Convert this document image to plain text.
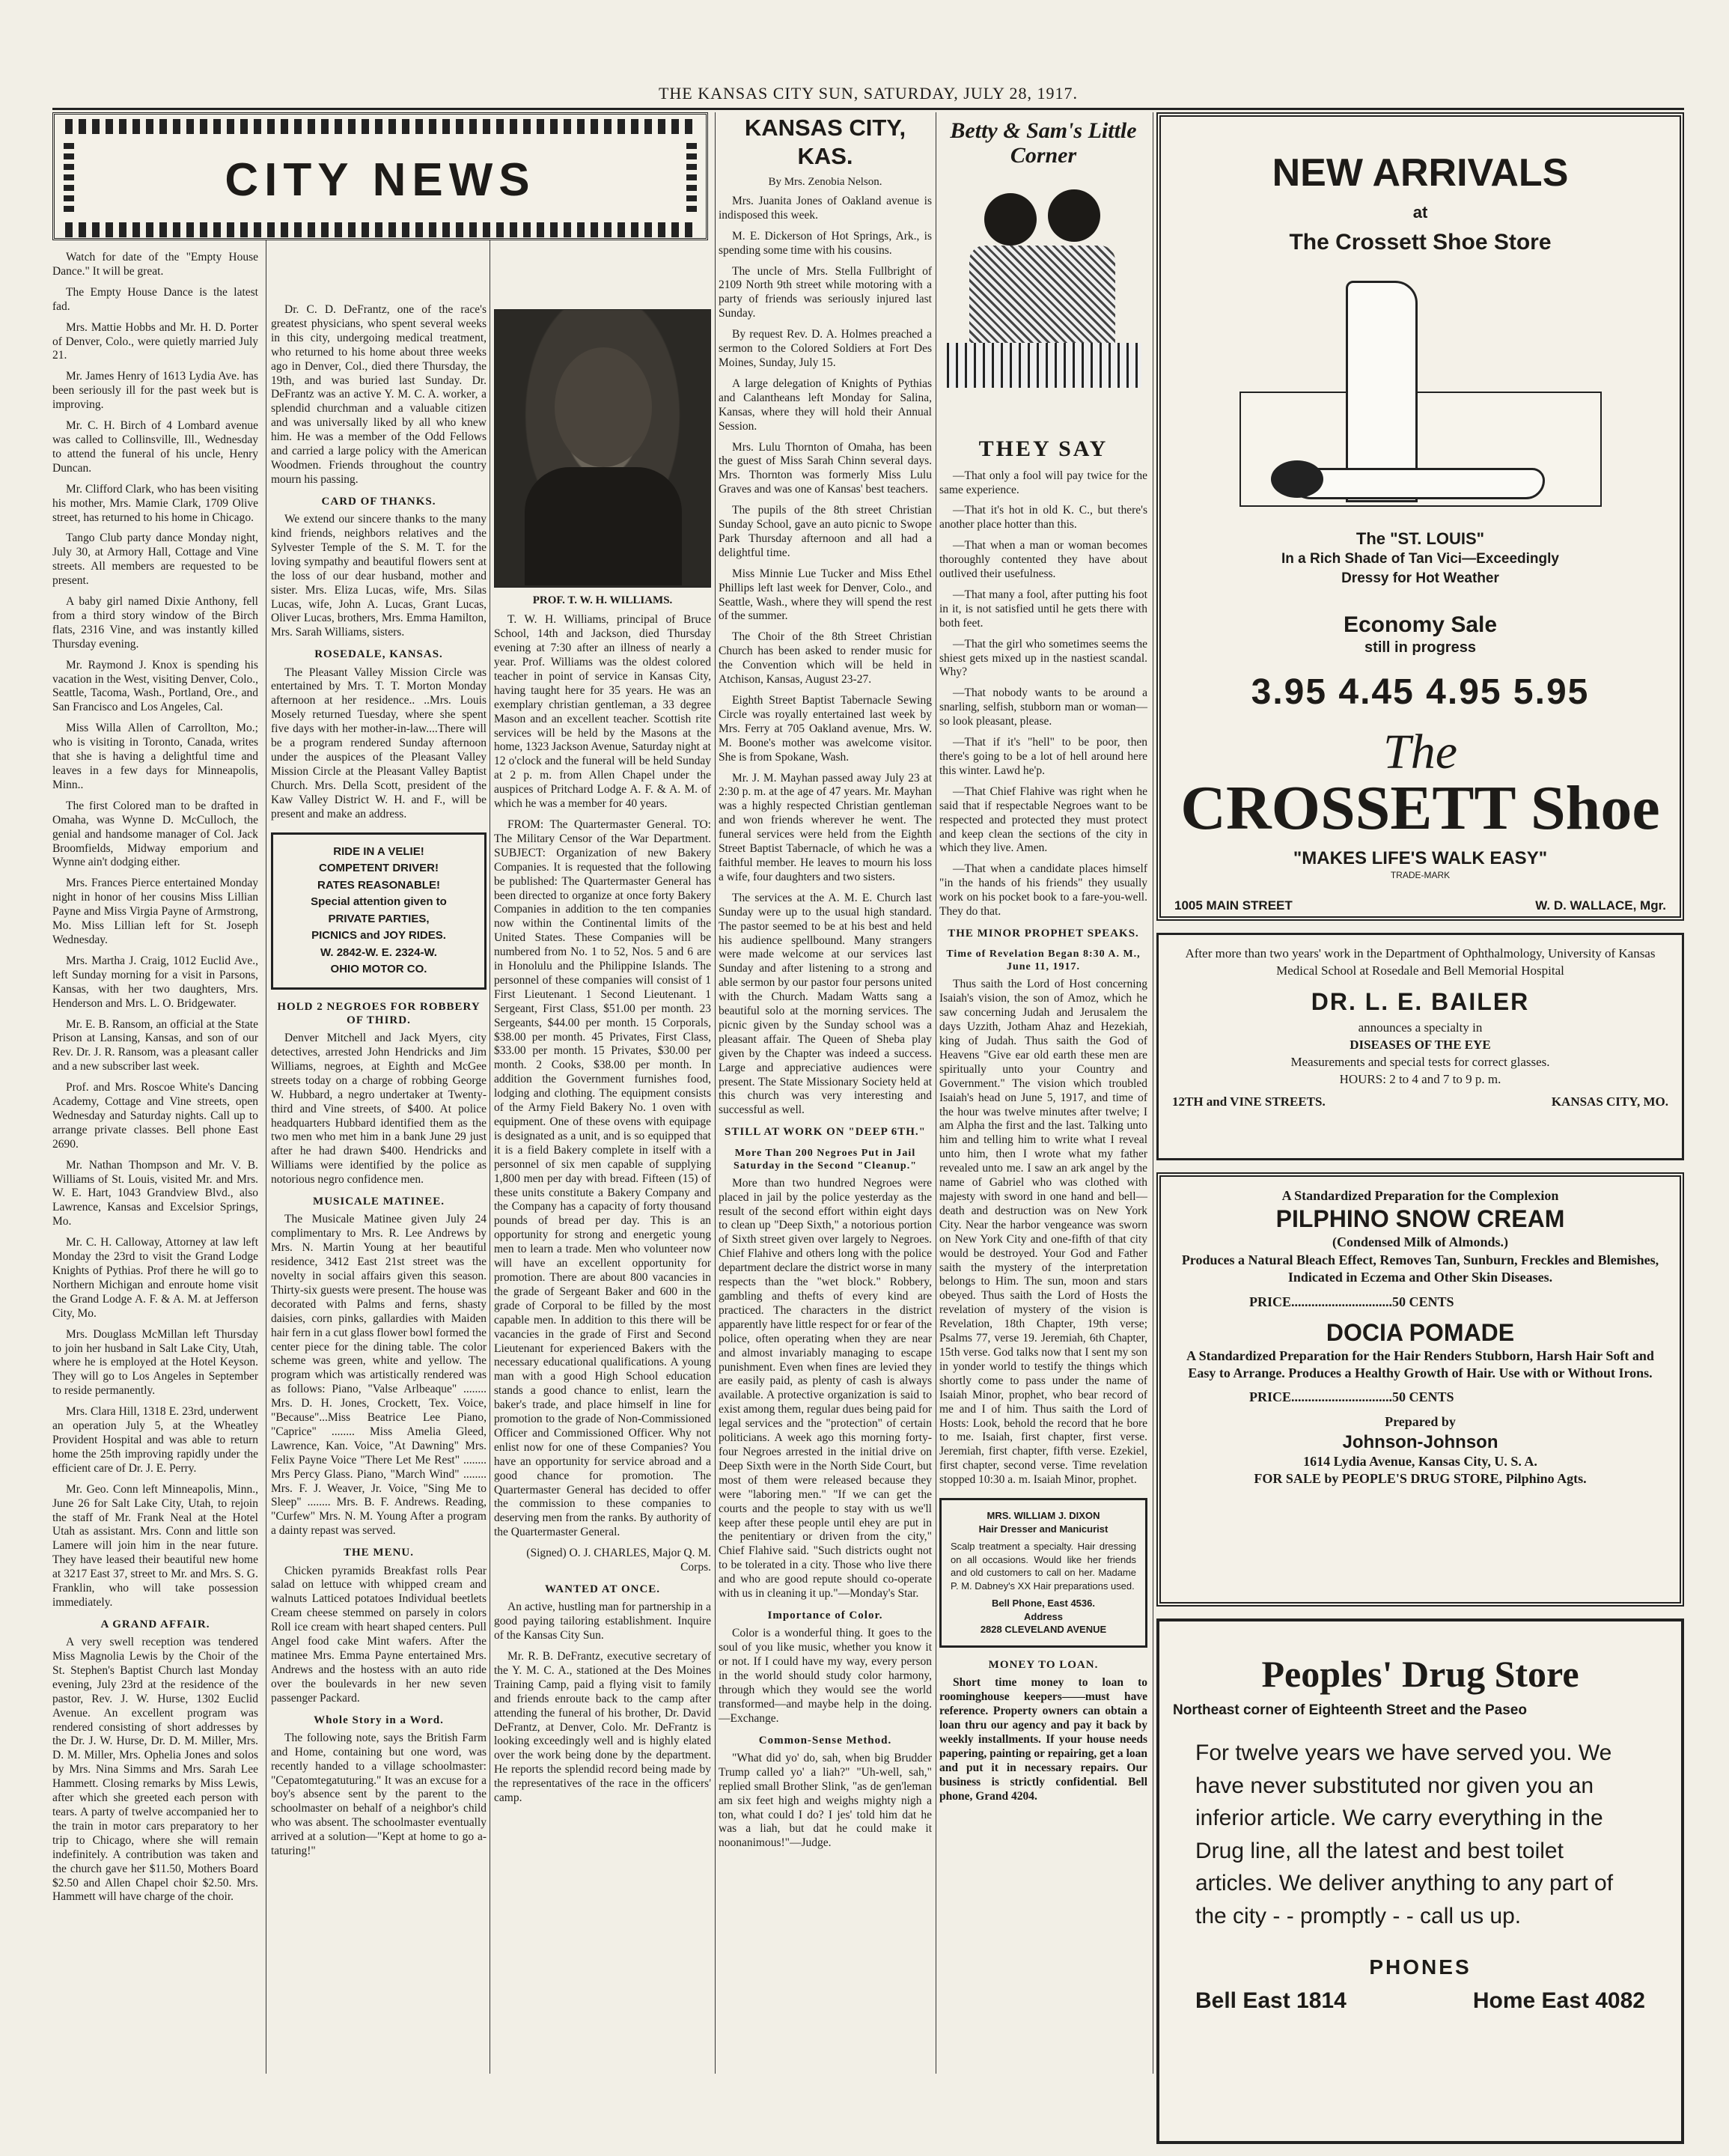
THE KANSAS CITY SUN, SATURDAY, JULY 28, 1917.
CITY NEWS

Watch for date of the "Empty House Dance." It will be great.

The Empty House Dance is the latest fad.

Mrs. Mattie Hobbs and Mr. H. D. Porter of Denver, Colo., were quietly married July 21.

Mr. James Henry of 1613 Lydia Ave. has been seriously ill for the past week but is improving.

Mr. C. H. Birch of 4 Lombard avenue was called to Collinsville, Ill., Wednesday to attend the funeral of his uncle, Henry Duncan.

Mr. Clifford Clark, who has been visiting his mother, Mrs. Mamie Clark, 1709 Olive street, has returned to his home in Chicago.

Tango Club party dance Monday night, July 30, at Armory Hall, Cottage and Vine streets. All members are requested to be present.

A baby girl named Dixie Anthony, fell from a third story window of the Birch flats, 2316 Vine, and was instantly killed Thursday evening.

Mr. Raymond J. Knox is spending his vacation in the West, visiting Denver, Colo., Seattle, Tacoma, Wash., Portland, Ore., and San Francisco and Los Angeles, Cal.

Miss Willa Allen of Carrollton, Mo.; who is visiting in Toronto, Canada, writes that she is having a delightful time and leaves in a few days for Minneapolis, Minn..

The first Colored man to be drafted in Omaha, was Wynne D. McCulloch, the genial and handsome manager of Col. Jack Broomfields, Midway emporium and Wynne ain't dodging either.

Mrs. Frances Pierce entertained Monday night in honor of her cousins Miss Lillian Payne and Miss Virgia Payne of Armstrong, Mo. Miss Lillian left for St. Joseph Wednesday.

Mrs. Martha J. Craig, 1012 Euclid Ave., left Sunday morning for a visit in Parsons, Kansas, with her two daughters, Mrs. Henderson and Mrs. L. O. Bridgewater.

Mr. E. B. Ransom, an official at the State Prison at Lansing, Kansas, and son of our Rev. Dr. J. R. Ransom, was a pleasant caller and a new subscriber last week.

Prof. and Mrs. Roscoe White's Dancing Academy, Cottage and Vine streets, open Wednesday and Saturday nights. Call up to arrange private classes. Bell phone East 2690.

Mr. Nathan Thompson and Mr. V. B. Williams of St. Louis, visited Mr. and Mrs. W. E. Hart, 1043 Grandview Blvd., also Lawrence, Kansas and Excelsior Springs, Mo.

Mr. C. H. Calloway, Attorney at law left Monday the 23rd to visit the Grand Lodge Knights of Pythias. Prof there he will go to Northern Michigan and enroute home visit the Grand Lodge A. F. & A. M. at Jefferson City, Mo.

Mrs. Douglass McMillan left Thursday to join her husband in Salt Lake City, Utah, where he is employed at the Hotel Keyson. They will go to Los Angeles in September to reside permanently.

Mrs. Clara Hill, 1318 E. 23rd, underwent an operation July 5, at the Wheatley Provident Hospital and was able to return home the 25th improving rapidly under the efficient care of Dr. J. E. Perry.

Mr. Geo. Conn left Minneapolis, Minn., June 26 for Salt Lake City, Utah, to rejoin the staff of Mr. Frank Neal at the Hotel Utah as assistant. Mrs. Conn and little son Lamere will join him in the near future. They have leased their beautiful new home at 3217 East 37, street to Mr. and Mrs. S. G. Franklin, who will take possession immediately.

A GRAND AFFAIR.

A very swell reception was tendered Miss Magnolia Lewis by the Choir of the St. Stephen's Baptist Church last Monday evening, July 23rd at the residence of the pastor, Rev. J. W. Hurse, 1302 Euclid Avenue. An excellent program was rendered consisting of short addresses by the Dr. J. W. Hurse, Dr. D. M. Miller, Mrs. D. M. Miller, Mrs. Ophelia Jones and solos by Mrs. Nina Simms and Mrs. Sarah Lee Hammett. Closing remarks by Miss Lewis, after which she greeted each person with tears. A party of twelve accompanied her to the train in motor cars preparatory to her trip to Chicago, where she will remain indefinitely. A contribution was taken and the church gave her $11.50, Mothers Board $2.50 and Allen Chapel choir $2.50. Mrs. Hammett will have charge of the choir.

Dr. C. D. DeFrantz, one of the race's greatest physicians, who spent several weeks in this city, undergoing medical treatment, who returned to his home about three weeks ago in Denver, Col., died there Thursday, the 19th, and was buried last Sunday. Dr. DeFrantz was an active Y. M. C. A. worker, a splendid churchman and a valuable citizen and was universally liked by all who knew him. He was a member of the Odd Fellows and carried a large policy with the American Woodmen. Friends throughout the country mourn his passing.

CARD OF THANKS.

We extend our sincere thanks to the many kind friends, neighbors relatives and the Sylvester Temple of the S. M. T. for the loving sympathy and beautiful flowers sent at the loss of our dear husband, mother and sister. Mrs. Eliza Lucas, wife, Mrs. Silas Lucas, wife, John A. Lucas, Grant Lucas, Oliver Lucas, brothers, Mrs. Emma Hamilton, Mrs. Sarah Williams, sisters.

ROSEDALE, KANSAS.

The Pleasant Valley Mission Circle was entertained by Mrs. T. T. Morton Monday afternoon at her residence.. ..Mrs. Louis Mosely returned Tuesday, where she spent five days with her mother-in-law....There will be a program rendered Sunday afternoon under the auspices of the Pleasant Valley Mission Circle at the Pleasant Valley Baptist Church. Mrs. Della Scott, president of the Kaw Valley District W. H. and F., will be present and make an address.

RIDE IN A VELIE!
COMPETENT DRIVER!
RATES REASONABLE!
Special attention given to
PRIVATE PARTIES,
PICNICS and JOY RIDES.
W. 2842-W. E. 2324-W.
OHIO MOTOR CO.
HOLD 2 NEGROES FOR ROBBERY OF THIRD.

Denver Mitchell and Jack Myers, city detectives, arrested John Hendricks and Jim Williams, negroes, at Eighth and McGee streets today on a charge of robbing George W. Hubbard, a negro undertaker at Twenty-third and Vine streets, of $400. At police headquarters Hubbard identified them as the two men who met him in a bank June 29 just after he had drawn $400. Hendricks and Williams were identified by the police as notorious negro confidence men.

MUSICALE MATINEE.

The Musicale Matinee given July 24 complimentary to Mrs. R. Lee Andrews by Mrs. N. Martin Young at her beautiful residence, 3412 East 21st street was the novelty in social affairs given this season. Thirty-six guests were present. The house was decorated with Palms and ferns, shasty daisies, corn pinks, gallardies with Maiden hair fern in a cut glass flower bowl formed the center piece for the dining table. The color scheme was green, white and yellow. The program which was artistically rendered was as follows: Piano, "Valse Arlbeaque" ........ Mrs. D. H. Jones, Crockett, Tex. Voice, "Because"...Miss Beatrice Lee Piano, "Caprice" ........ Miss Amelia Gleed, Lawrence, Kan. Voice, "At Dawning" Mrs. Felix Payne Voice "There Let Me Rest" ........ Mrs Percy Glass. Piano, "March Wind" ........ Mrs. F. J. Weaver, Jr. Voice, "Sing Me to Sleep" ........ Mrs. B. F. Andrews. Reading, "Curfew" Mrs. N. M. Young After a program a dainty repast was served.

THE MENU.

Chicken pyramids Breakfast rolls Pear salad on lettuce with whipped cream and walnuts Latticed potatoes Individual beetlets Cream cheese stemmed on parsely in colors Roll ice cream with heart shaped centers. Pull Angel food cake Mint wafers. After the matinee Mrs. Emma Payne entertained Mrs. Andrews and the hostess with an auto ride over the boulevards in her new seven passenger Packard.

Whole Story in a Word.

The following note, says the British Farm and Home, containing but one word, was recently handed to a village schoolmaster: "Cepatomtegatuturing." It was an excuse for a boy's absence sent by the parent to the schoolmaster on behalf of a neighbor's child who was absent. The schoolmaster eventually arrived at a solution—"Kept at home to go a-taturing!"

PROF. T. W. H. WILLIAMS.

T. W. H. Williams, principal of Bruce School, 14th and Jackson, died Thursday evening at 7:30 after an illness of nearly a year. Prof. Williams was the oldest colored teacher in point of service in Kansas City, having taught here for 35 years. He was an exemplary christian gentleman, a 33 degree Mason and an excellent teacher. Scottish rite services will be held by the Masons at the home, 1323 Jackson Avenue, Saturday night at 12 o'clock and the funeral will be held Sunday at 2 p. m. from Allen Chapel under the auspices of Pritchard Lodge A. F. & A. M. of which he was a member for 40 years.

FROM: The Quartermaster General. TO: The Military Censor of the War Department. SUBJECT: Organization of new Bakery Companies. It is requested that the following be published: The Quartermaster General has been directed to organize at once forty Bakery Companies in addition to the ten companies now within the Continental limits of the United States. These Companies will be numbered from No. 1 to 52, Nos. 5 and 6 are in Honolulu and the Philippine Islands. The personnel of these companies will consist of 1 First Lieutenant. 1 Second Lieutenant. 1 Sergeant, First Class, $51.00 per month. 23 Sergeants, $44.00 per month. 15 Corporals, $38.00 per month. 45 Privates, First Class, $33.00 per month. 15 Privates, $30.00 per month. 2 Cooks, $38.00 per month. In addition the Government furnishes food, lodging and clothing. The equipment consists of the Army Field Bakery No. 1 oven with equipment. One of these ovens with equipage is designated as a unit, and is so equipped that it is a field Bakery complete in itself with a personnel of six men capable of supplying 1,800 men per day with bread. Fifteen (15) of these units constitute a Bakery Company and the Company has a capacity of forty thousand pounds of bread per day. This is an opportunity for strong and energetic young men to learn a trade. Men who volunteer now will have an excellent opportunity for promotion. There are about 800 vacancies in the grade of Sergeant Baker and 600 in the grade of Corporal to be filled by the most capable men. In addition to this there will be vacancies in the grade of First and Second Lieutenant for experienced Bakers with the necessary educational qualifications. A young man with a good High School education stands a good chance to enlist, learn the baker's trade, and place himself in line for promotion to the grade of Non-Commissioned Officer and Commissioned Officer. Why not enlist now for one of these Companies? You have an opportunity for service abroad and a good chance for promotion. The Quartermaster General has decided to offer the commission to these companies to deserving men from the ranks. By authority of the Quartermaster General.

(Signed) O. J. CHARLES, Major Q. M. Corps.

WANTED AT ONCE.

An active, hustling man for partnership in a good paying tailoring establishment. Inquire of the Kansas City Sun.

Mr. R. B. DeFrantz, executive secretary of the Y. M. C. A., stationed at the Des Moines Training Camp, paid a flying visit to family and friends enroute back to the camp after attending the funeral of his brother, Dr. David DeFrantz, at Denver, Colo. Mr. DeFrantz is looking exceedingly well and is highly elated over the work being done by the department. He reports the splendid record being made by the representatives of the race in the officers' camp.

KANSAS CITY, KAS.
By Mrs. Zenobia Nelson.

Mrs. Juanita Jones of Oakland avenue is indisposed this week.

M. E. Dickerson of Hot Springs, Ark., is spending some time with his cousins.

The uncle of Mrs. Stella Fullbright of 2109 North 9th street while motoring with a party of friends was seriously injured last Sunday.

By request Rev. D. A. Holmes preached a sermon to the Colored Soldiers at Fort Des Moines, Sunday, July 15.

A large delegation of Knights of Pythias and Calantheans left Monday for Salina, Kansas, where they will hold their Annual Session.

Mrs. Lulu Thornton of Omaha, has been the guest of Miss Sarah Chinn several days. Mrs. Thornton was formerly Miss Lulu Graves and was one of Kansas' best teachers.

The pupils of the 8th street Christian Sunday School, gave an auto picnic to Swope Park Thursday afternoon and all had a delightful time.

Miss Minnie Lue Tucker and Miss Ethel Phillips left last week for Denver, Colo., and Seattle, Wash., where they will spend the rest of the summer.

The Choir of the 8th Street Christian Church has been asked to render music for the Convention which will be held in Atchison, Kansas, August 23-27.

Eighth Street Baptist Tabernacle Sewing Circle was royally entertained last week by Mrs. Ferry at 705 Oakland avenue, Mrs. W. M. Boone's mother was awelcome visitor. She is from Spokane, Wash.

Mr. J. M. Mayhan passed away July 23 at 2:30 p. m. at the age of 47 years. Mr. Mayhan was a highly respected Christian gentleman and won friends wherever he went. The funeral services were held from the Eighth Street Baptist Tabernacle, of which he was a faithful member. He leaves to mourn his loss a wife, four daughters and two sisters.

The services at the A. M. E. Church last Sunday were up to the usual high standard. The pastor seemed to be at his best and held his audience spellbound. Many strangers were made welcome at our services last Sunday and after listening to a strong and able sermon by our pastor four persons united with the Church. Madam Watts sang a beautiful solo at the morning services. The picnic given by the Sunday school was a pleasant affair. The Queen of Sheba play given by the Chapter was indeed a success. Large and appreciative audiences were present. The State Missionary Society held at this church was very interesting and successful as well.

STILL AT WORK ON "DEEP 6TH."
More Than 200 Negroes Put in Jail Saturday in the Second "Cleanup."

More than two hundred Negroes were placed in jail by the police yesterday as the result of the second effort within eight days to clean up "Deep Sixth," a notorious portion of Sixth street given over largely to Negroes. Chief Flahive and others long with the police department declare the district worse in many respects than the "wet block." Robbery, gambling and thefts of every kind are practiced. The characters in the district apparently have little respect for or fear of the police, often operating when they are near and almost invariably managing to escape punishment. Even when fines are levied they are easily paid, as plenty of cash is always available. A protective organization is said to exist among them, regular dues being paid for legal services and the "protection" of certain politicians. A week ago this morning forty-four Negroes arrested in the initial drive on Deep Sixth were in the North Side Court, but most of them were released because they were "laboring men." "If we can get the courts and the people to stay with us we'll keep after these people until ehey are put in the penitentiary or driven from the city," Chief Flahive said. "Such districts ought not to be tolerated in a city. Those who live there and who are good repute should co-operate with us in cleaning it up."—Monday's Star.

Importance of Color.

Color is a wonderful thing. It goes to the soul of you like music, whether you know it or not. If I could have my way, every person in the world should study color harmony, through which they would see the world transformed—and maybe help in the doing. —Exchange.

Common-Sense Method.

"What did yo' do, sah, when big Brudder Trump called yo' a liah?" "Uh-well, sah," replied small Brother Slink, "as de gen'leman am six feet high and weighs mighty nigh a ton, what could I do? I jes' told him dat he was a liah, but dat he could make it noonanimous!"—Judge.

Betty & Sam's Little Corner
THEY SAY

—That only a fool will pay twice for the same experience.

—That it's hot in old K. C., but there's another place hotter than this.

—That when a man or woman becomes thoroughly contented they have about outlived their usefulness.

—That many a fool, after putting his foot in it, is not satisfied until he gets there with both feet.

—That the girl who sometimes seems the shiest gets mixed up in the nastiest scandal. Why?

—That nobody wants to be around a snarling, selfish, stubborn man or woman—so look pleasant, please.

—That if it's "hell" to be poor, then there's going to be a lot of hell around here this winter. Lawd he'p.

—That Chief Flahive was right when he said that if respectable Negroes want to be respected and protected they must protect and keep clean the sections of the city in which they live. Amen.

—That when a candidate places himself "in the hands of his friends" they usually work on his pocket book to a fare-you-well. They do that.

THE MINOR PROPHET SPEAKS.
Time of Revelation Began 8:30 A. M., June 11, 1917.

Thus saith the Lord of Host concerning Isaiah's vision, the son of Amoz, which he saw concerning Judah and Jerusalem the days Uzzith, Jotham Ahaz and Hezekiah, king of Judah. Thus saith the God of Heavens "Give ear old earth these men are spiritually unto your Country and Government." The vision which troubled Isaiah's head on June 5, 1917, and time of the hour was twelve minutes after twelve; I am Alpha the first and the last. Talking unto him and telling him to write what I reveal unto him, then I wrote what my father revealed unto me. I saw an ark angel by the name of Gabriel who was clothed with majesty with sword in one hand and bell—death and destruction was on New York City. Near the harbor vengeance was sworn on New York City and one-fifth of that city would be destroyed. Your God and Father saith the mystery of the interpretation belongs to Him. The sun, moon and stars obeyed. Thus saith the Lord of Hosts the revelation of mystery of the vision is Revelation, 18th Chapter, 19th verse; Psalms 77, verse 19. Jeremiah, 6th Chapter, 15th verse. God talks now that I sent my son in yonder world to testify the things which shortly come to pass under the name of Isaiah Minor, prophet, who bear record of me and I of him. Thus saith the Lord of Hosts: Look, behold the record that he bore to me. Isaiah, first chapter, first verse. Jeremiah, first chapter, fifth verse. Ezekiel, first chapter, second verse. Time revelation stopped 10:30 a. m. Isaiah Minor, prophet.

MRS. WILLIAM J. DIXON
Hair Dresser and Manicurist
Scalp treatment a specialty. Hair dressing on all occasions. Would like her friends and old customers to call on her. Madame P. M. Dabney's XX Hair preparations used.
Bell Phone, East 4536.
Address
2828 CLEVELAND AVENUE
MONEY TO LOAN.

Short time money to loan to roominghouse keepers——must have reference. Property owners can obtain a loan thru our agency and pay it back by weekly installments. If your house needs papering, painting or repairing, get a loan and put it in necessary repairs. Our business is strictly confidential. Bell phone, Grand 4204.

NEW ARRIVALS
at
The Crossett Shoe Store
The "ST. LOUIS"
In a Rich Shade of Tan Vici—Exceedingly
Dressy for Hot Weather
Economy Sale
still in progress
3.95 4.45 4.95 5.95
The
CROSSETT Shoe
"MAKES LIFE'S WALK EASY"
TRADE-MARK
1005 MAIN STREET	W. D. WALLACE, Mgr.
After more than two years' work in the Department of Ophthalmology, University of Kansas Medical School at Rosedale and Bell Memorial Hospital
DR. L. E. BAILER
announces a specialty in
DISEASES OF THE EYE
Measurements and special tests for correct glasses.
HOURS: 2 to 4 and 7 to 9 p. m.
12TH and VINE STREETS.	KANSAS CITY, MO.
A Standardized Preparation for the Complexion
PILPHINO SNOW CREAM
(Condensed Milk of Almonds.)
Produces a Natural Bleach Effect, Removes Tan, Sunburn, Freckles and Blemishes, Indicated in Eczema and Other Skin Diseases.
PRICE..............................50 CENTS
DOCIA POMADE
A Standardized Preparation for the Hair Renders Stubborn, Harsh Hair Soft and Easy to Arrange. Produces a Healthy Growth of Hair. Use with or Without Irons.
PRICE..............................50 CENTS
Prepared by
Johnson-Johnson
1614 Lydia Avenue, Kansas City, U. S. A.
FOR SALE by PEOPLE'S DRUG STORE, Pilphino Agts.
Peoples' Drug Store
Northeast corner of Eighteenth Street and the Paseo
For twelve years we have served you. We have never substituted nor given you an inferior article. We carry everything in the Drug line, all the latest and best toilet articles. We deliver anything to any part of the city - - promptly - - call us up.
PHONES
Bell East 1814	Home East 4082
